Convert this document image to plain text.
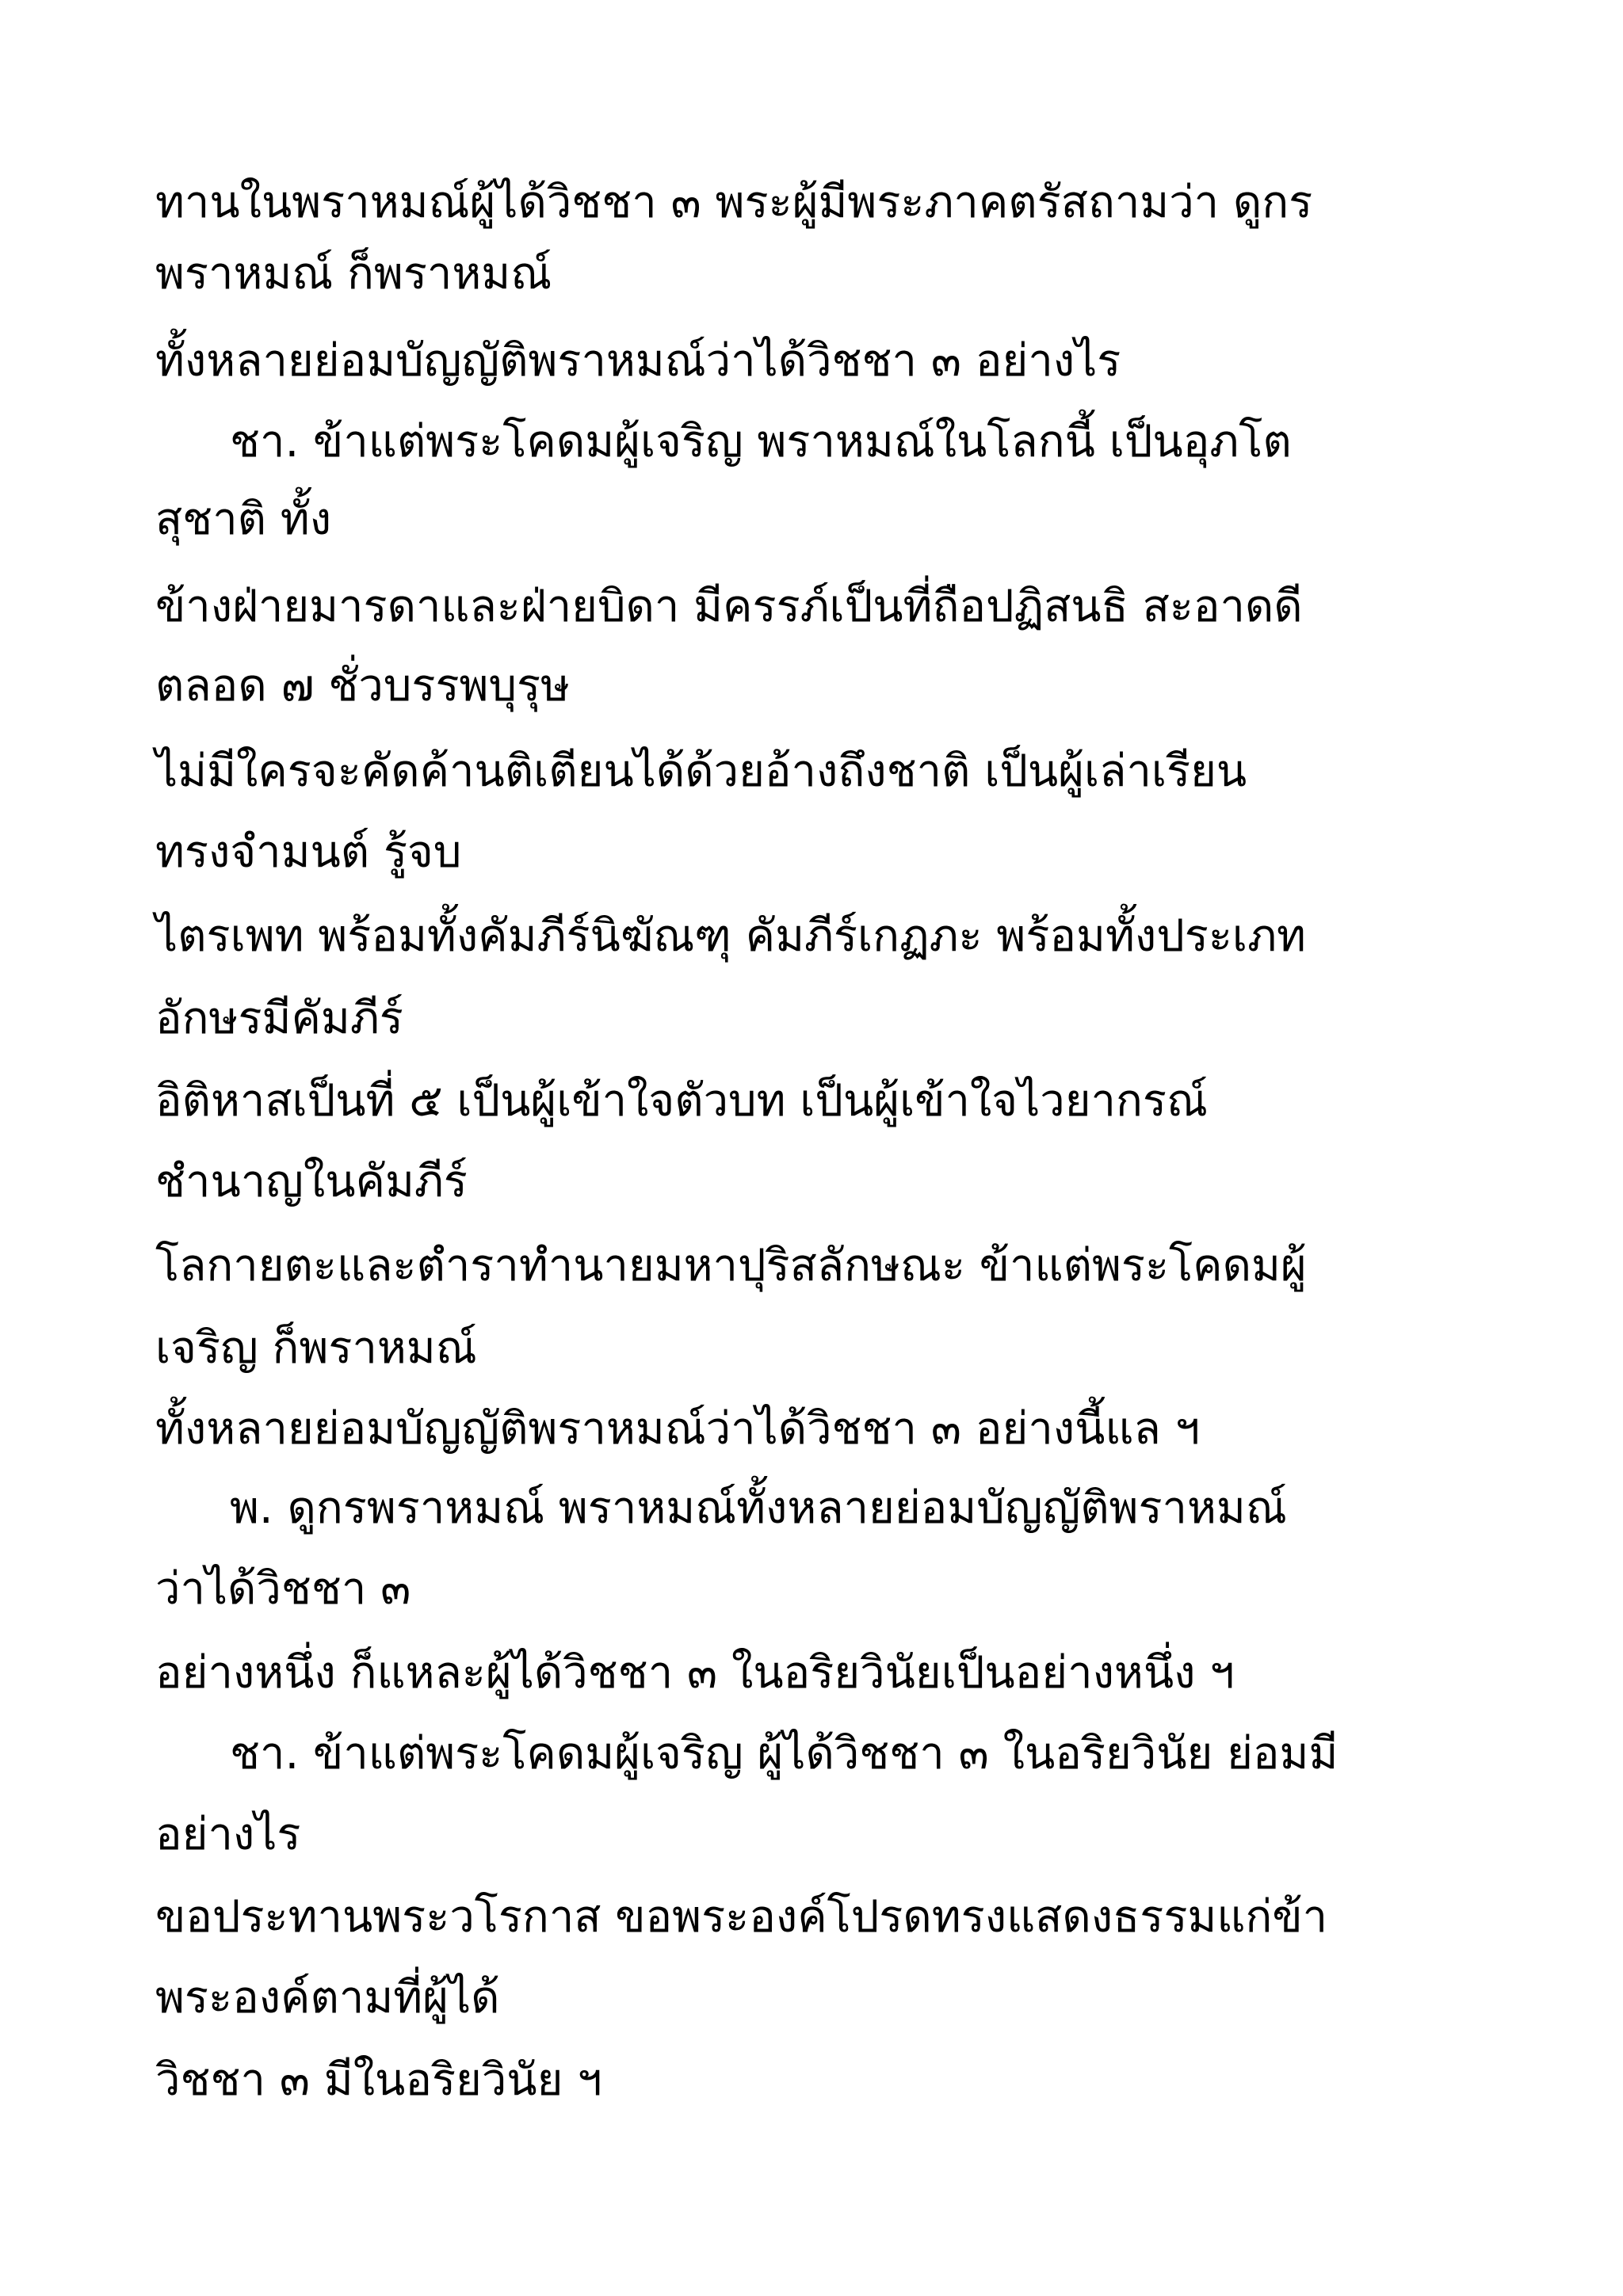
ทานในพราหมณ์ผู้ได้วิชชา ๓ พระผู้มีพระภาคตรัสถามว่า ดูกร
พราหมณ์ ก็พราหมณ์
ทั้งหลายย่อมบัญญัติพราหมณ์ว่าได้วิชชา ๓ อย่างไร
ชา. ข้าแต่พระโคดมผู้เจริญ พราหมณ์ในโลกนี้ เป็นอุภโต
สุชาติ ทั้ง
ข้างฝ่ายมารดาและฝ่ายบิดา มีครรภ์เป็นที่ถือปฏิสนธิ สะอาดดี
ตลอด ๗ ชั่วบรรพบุรุษ
ไม่มีใครจะคัดค้านติเตียนได้ด้วยอ้างถึงชาติ เป็นผู้เล่าเรียน
ทรงจำมนต์ รู้จบ
ไตรเพท พร้อมทั้งคัมภีร์นิฆัณฑุ คัมภีร์เกฏภะ พร้อมทั้งประเภท
อักษรมีคัมภีร์
อิติหาสเป็นที่ ๕ เป็นผู้เข้าใจตัวบท เป็นผู้เข้าใจไวยากรณ์
ชำนาญในคัมภีร์
โลกายตะและตำราทำนายมหาปุริสลักษณะ ข้าแต่พระโคดมผู้
เจริญ ก็พราหมณ์
ทั้งหลายย่อมบัญญัติพราหมณ์ว่าได้วิชชา ๓ อย่างนี้แล ฯ
พ. ดูกรพราหมณ์ พราหมณ์ทั้งหลายย่อมบัญญัติพราหมณ์
ว่าได้วิชชา ๓
อย่างหนึ่ง ก็แหละผู้ได้วิชชา ๓ ในอริยวินัยเป็นอย่างหนึ่ง ฯ
ชา. ข้าแต่พระโคดมผู้เจริญ ผู้ได้วิชชา ๓ ในอริยวินัย ย่อมมี
อย่างไร
ขอประทานพระวโรกาส ขอพระองค์โปรดทรงแสดงธรรมแก่ข้า
พระองค์ตามที่ผู้ได้
วิชชา ๓ มีในอริยวินัย ฯ
